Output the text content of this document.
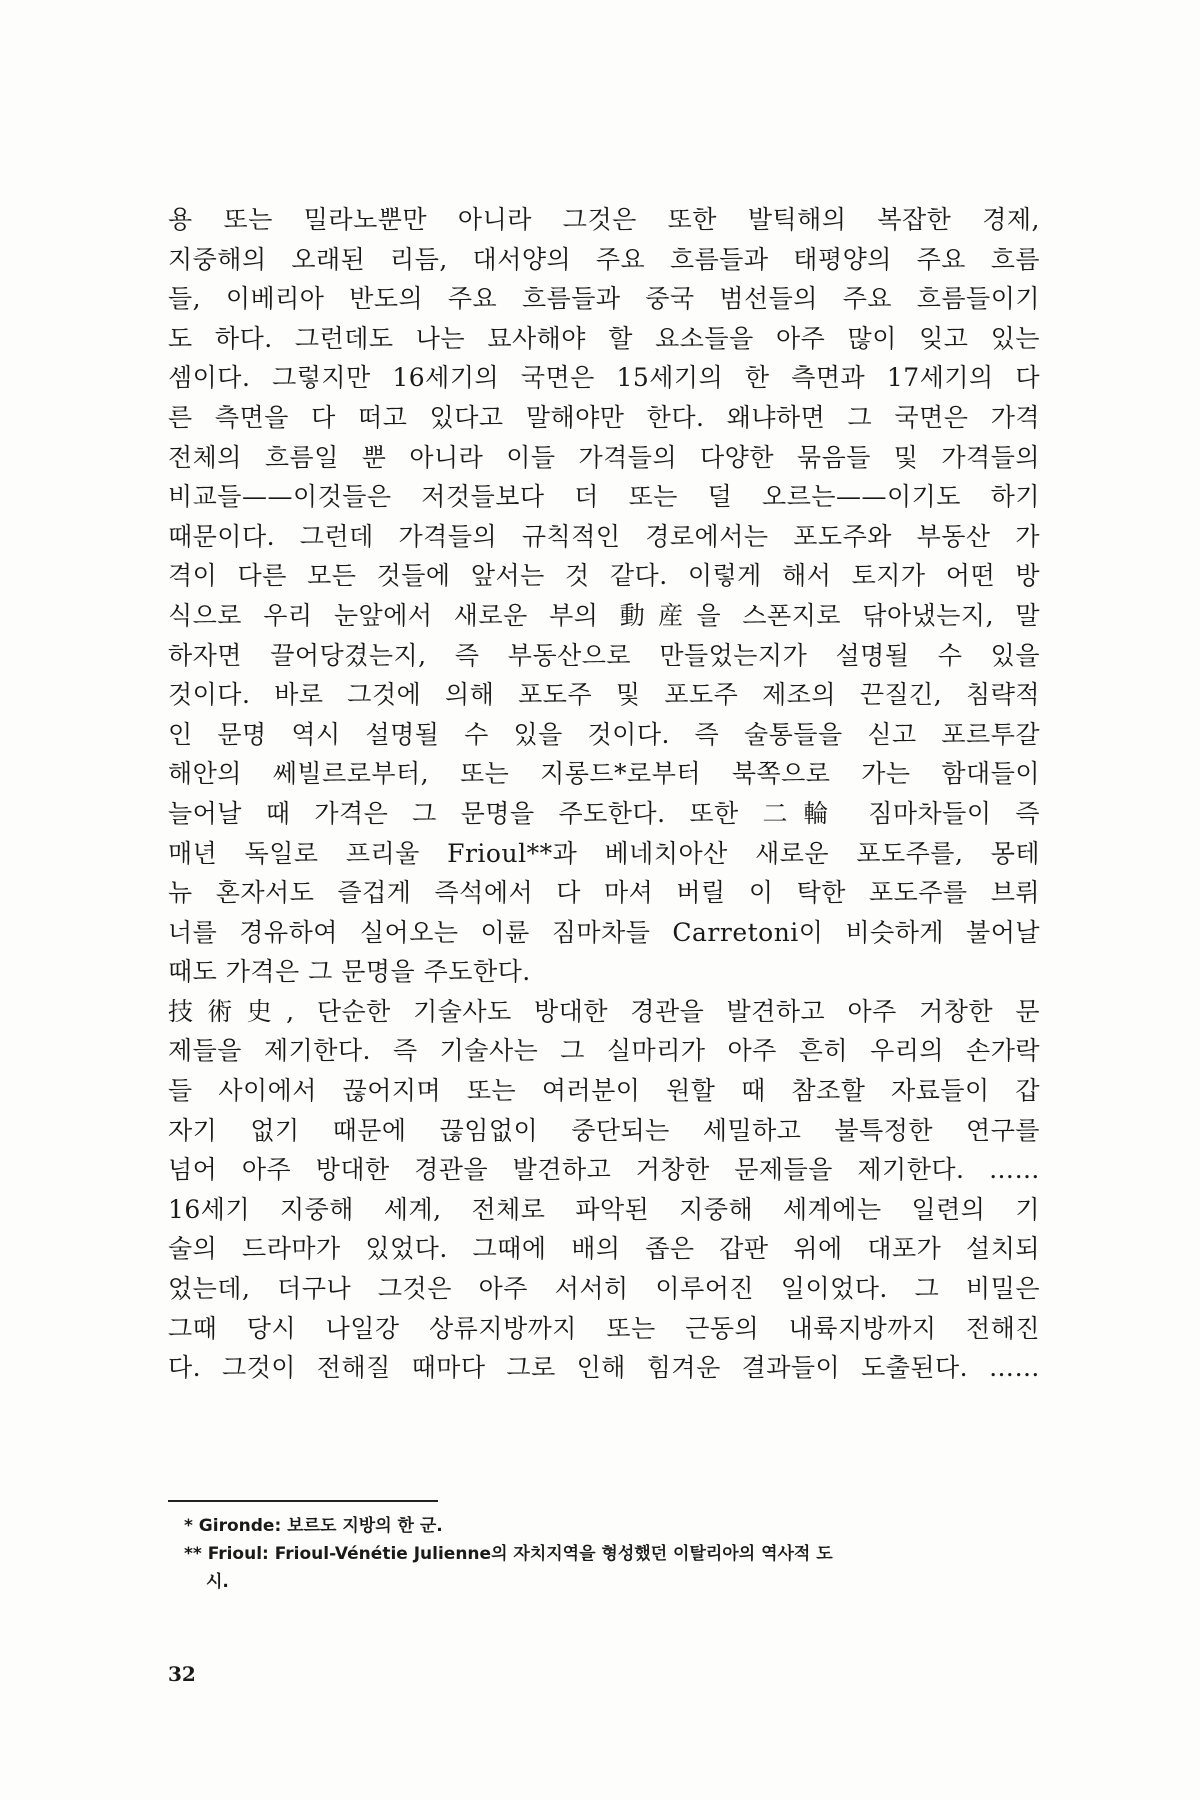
용 또는 밀라노뿐만 아니라 그것은 또한 발틱해의 복잡한 경제,
지중해의 오래된 리듬, 대서양의 주요 흐름들과 태평양의 주요 흐름
들, 이베리아 반도의 주요 흐름들과 중국 범선들의 주요 흐름들이기
도 하다. 그런데도 나는 묘사해야 할 요소들을 아주 많이 잊고 있는
셈이다. 그렇지만 16세기의 국면은 15세기의 한 측면과 17세기의 다
른 측면을 다 떠고 있다고 말해야만 한다. 왜냐하면 그 국면은 가격
전체의 흐름일 뿐 아니라 이들 가격들의 다양한 묶음들 및 가격들의
비교들——이것들은 저것들보다 더 또는 덜 오르는——이기도 하기
때문이다. 그런데 가격들의 규칙적인 경로에서는 포도주와 부동산 가
격이 다른 모든 것들에 앞서는 것 같다. 이렇게 해서 토지가 어떤 방
식으로 우리 눈앞에서 새로운 부의 動産을 스폰지로 닦아냈는지, 말
하자면 끌어당겼는지, 즉 부동산으로 만들었는지가 설명될 수 있을
것이다. 바로 그것에 의해 포도주 및 포도주 제조의 끈질긴, 침략적
인 문명 역시 설명될 수 있을 것이다. 즉 술통들을 싣고 포르투갈
해안의 쎄빌르로부터, 또는 지롱드*로부터 북쪽으로 가는 함대들이
늘어날 때 가격은 그 문명을 주도한다. 또한 二輪 짐마차들이 즉
매년 독일로 프리울 Frioul**과 베네치아산 새로운 포도주를, 몽테
뉴 혼자서도 즐겁게 즉석에서 다 마셔 버릴 이 탁한 포도주를 브뤼
너를 경유하여 실어오는 이륜 짐마차들 Carretoni이 비슷하게 불어날
때도 가격은 그 문명을 주도한다.
技術史, 단순한 기술사도 방대한 경관을 발견하고 아주 거창한 문
제들을 제기한다. 즉 기술사는 그 실마리가 아주 흔히 우리의 손가락
들 사이에서 끊어지며 또는 여러분이 원할 때 참조할 자료들이 갑
자기 없기 때문에 끊임없이 중단되는 세밀하고 불특정한 연구를
넘어 아주 방대한 경관을 발견하고 거창한 문제들을 제기한다. ……
16세기 지중해 세계, 전체로 파악된 지중해 세계에는 일련의 기
술의 드라마가 있었다. 그때에 배의 좁은 갑판 위에 대포가 설치되
었는데, 더구나 그것은 아주 서서히 이루어진 일이었다. 그 비밀은
그때 당시 나일강 상류지방까지 또는 근동의 내륙지방까지 전해진
다. 그것이 전해질 때마다 그로 인해 힘겨운 결과들이 도출된다. ……
* Gironde: 보르도 지방의 한 군.
** Frioul: Frioul-Vénétie Julienne의 자치지역을 형성했던 이탈리아의 역사적 도
시.
32
